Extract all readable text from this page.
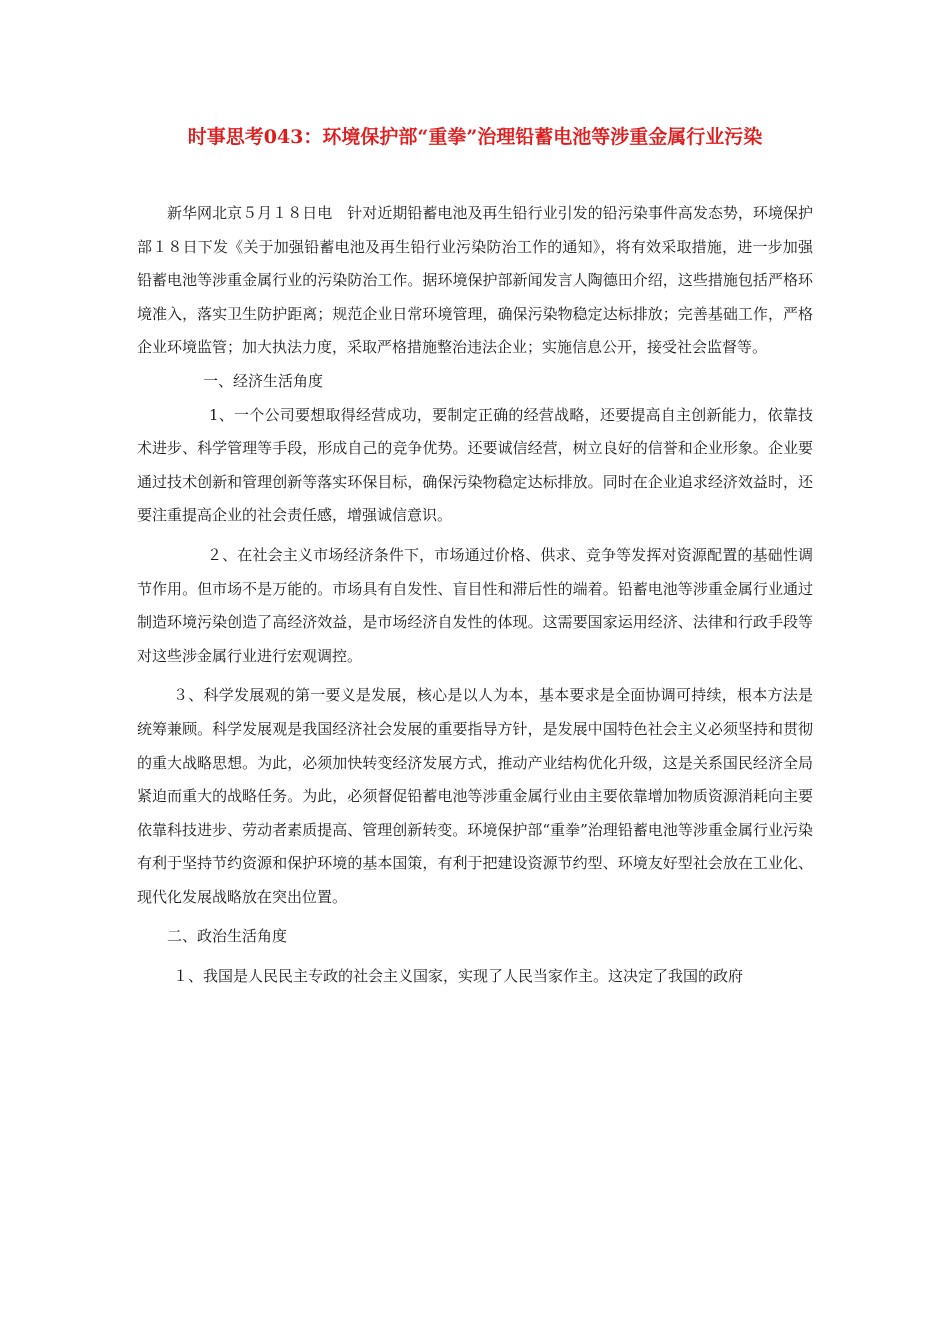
时事思考043：环境保护部“重拳”治理铅蓄电池等涉重金属行业污染

新华网北京５月１８日电　针对近期铅蓄电池及再生铅行业引发的铅污染事件高发态势，环境保护部１８日下发《关于加强铅蓄电池及再生铅行业污染防治工作的通知》，将有效采取措施，进一步加强铅蓄电池等涉重金属行业的污染防治工作。据环境保护部新闻发言人陶德田介绍，这些措施包括严格环境准入，落实卫生防护距离；规范企业日常环境管理，确保污染物稳定达标排放；完善基础工作，严格企业环境监管；加大执法力度，采取严格措施整治违法企业；实施信息公开，接受社会监督等。

一、经济生活角度

1、一个公司要想取得经营成功，要制定正确的经营战略，还要提高自主创新能力，依靠技术进步、科学管理等手段，形成自己的竞争优势。还要诚信经营，树立良好的信誉和企业形象。企业要通过技术创新和管理创新等落实环保目标，确保污染物稳定达标排放。同时在企业追求经济效益时，还要注重提高企业的社会责任感，增强诚信意识。

２、在社会主义市场经济条件下，市场通过价格、供求、竞争等发挥对资源配置的基础性调节作用。但市场不是万能的。市场具有自发性、盲目性和滞后性的端着。铅蓄电池等涉重金属行业通过制造环境污染创造了高经济效益，是市场经济自发性的体现。这需要国家运用经济、法律和行政手段等对这些涉金属行业进行宏观调控。

３、科学发展观的第一要义是发展，核心是以人为本，基本要求是全面协调可持续，根本方法是统筹兼顾。科学发展观是我国经济社会发展的重要指导方针，是发展中国特色社会主义必须坚持和贯彻的重大战略思想。为此，必须加快转变经济发展方式，推动产业结构优化升级，这是关系国民经济全局紧迫而重大的战略任务。为此，必须督促铅蓄电池等涉重金属行业由主要依靠增加物质资源消耗向主要依靠科技进步、劳动者素质提高、管理创新转变。环境保护部“重拳”治理铅蓄电池等涉重金属行业污染有利于坚持节约资源和保护环境的基本国策，有利于把建设资源节约型、环境友好型社会放在工业化、现代化发展战略放在突出位置。

二、政治生活角度

１、我国是人民民主专政的社会主义国家，实现了人民当家作主。这决定了我国的政府
